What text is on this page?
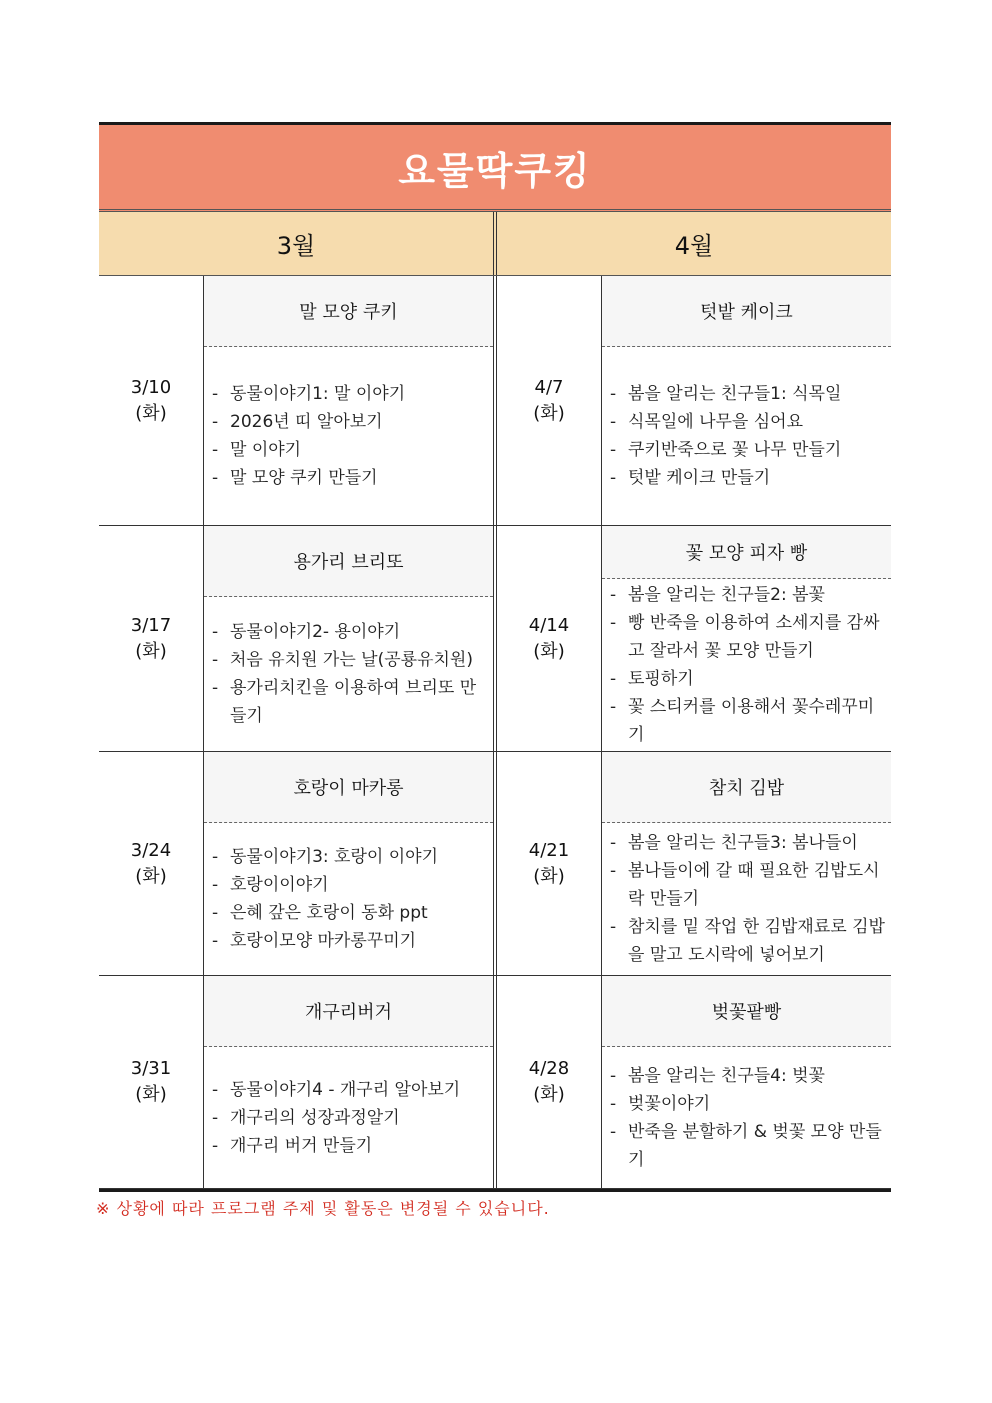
요물딱쿠킹
3월	4월
3/10
(화)
말 모양 쿠키
- 동물이야기1: 말 이야기
- 2026년 띠 알아보기
- 말 이야기
- 말 모양 쿠키 만들기
4/7
(화)
텃밭 케이크
- 봄을 알리는 친구들1: 식목일
- 식목일에 나무을 심어요
- 쿠키반죽으로 꽃 나무 만들기
- 텃밭 케이크 만들기
3/17
(화)
용가리 브리또
- 동물이야기2- 용이야기
- 처음 유치원 가는 날(공룡유치원)
- 용가리치킨을 이용하여 브리또 만들기
4/14
(화)
꽃 모양 피자 빵
- 봄을 알리는 친구들2: 봄꽃
- 빵 반죽을 이용하여 소세지를 감싸고 잘라서 꽃 모양 만들기
- 토핑하기
- 꽃 스티커를 이용해서 꽃수레꾸미기
3/24
(화)
호랑이 마카롱
- 동물이야기3: 호랑이 이야기
- 호랑이이야기
- 은혜 갚은 호랑이 동화 ppt
- 호랑이모양 마카롱꾸미기
4/21
(화)
참치 김밥
- 봄을 알리는 친구들3: 봄나들이
- 봄나들이에 갈 때 필요한 김밥도시락 만들기
- 참치를 밑 작업 한 김밥재료로 김밥을 말고 도시락에 넣어보기
3/31
(화)
개구리버거
- 동물이야기4 - 개구리 알아보기
- 개구리의 성장과정알기
- 개구리 버거 만들기
4/28
(화)
벚꽃팥빵
- 봄을 알리는 친구들4: 벚꽃
- 벚꽃이야기
- 반죽을 분할하기 & 벚꽃 모양 만들기
※ 상황에 따라 프로그램 주제 및 활동은 변경될 수 있습니다.
